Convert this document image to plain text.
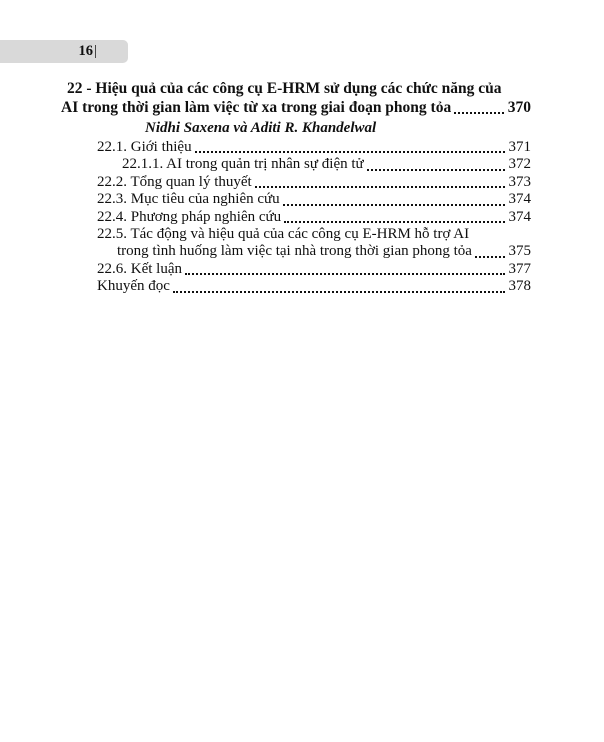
16 |
22 - Hiệu quả của các công cụ E-HRM sử dụng các chức năng của
AI trong thời gian làm việc từ xa trong giai đoạn phong tỏa	370
Nidhi Saxena và Aditi R. Khandelwal
22.1. Giới thiệu	371
22.1.1. AI trong quản trị nhân sự điện tử	372
22.2. Tổng quan lý thuyết	373
22.3. Mục tiêu của nghiên cứu	374
22.4. Phương pháp nghiên cứu	374
22.5. Tác động và hiệu quả của các công cụ E-HRM hỗ trợ AI
trong tình huống làm việc tại nhà trong thời gian phong tỏa 375
22.6. Kết luận	377
Khuyến đọc	378
